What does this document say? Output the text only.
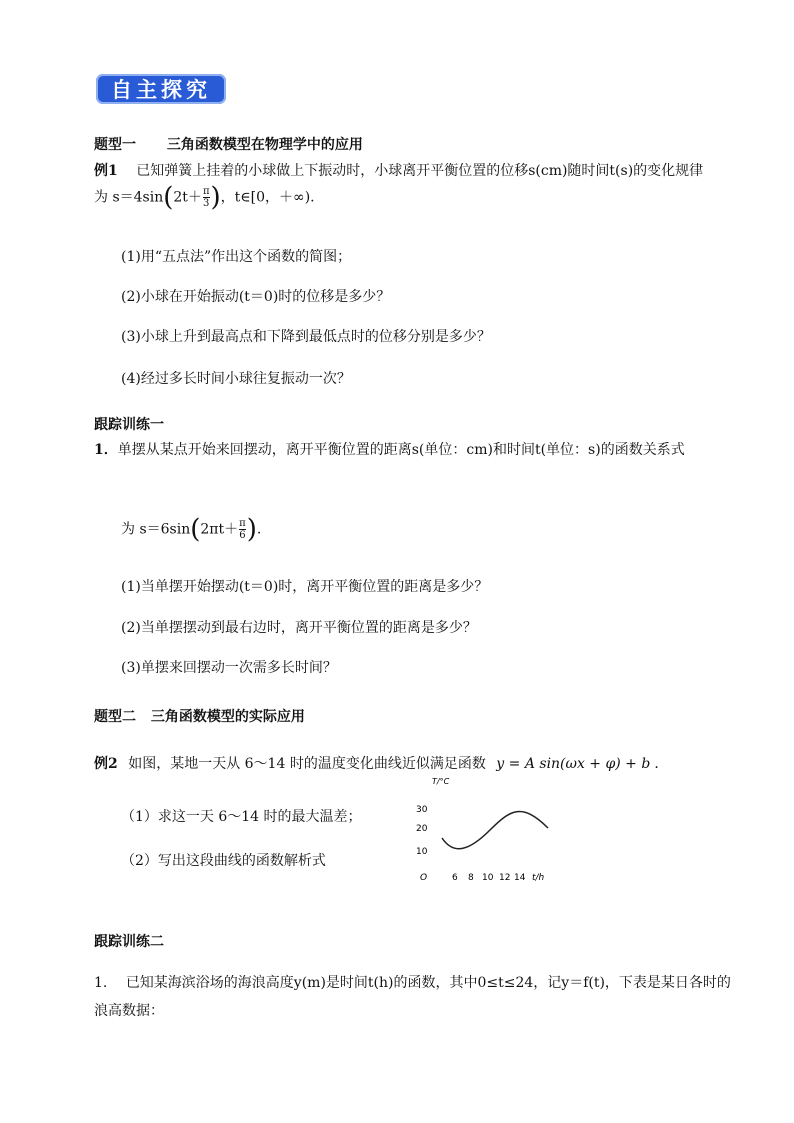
自主探究
题型一 三角函数模型在物理学中的应用
例1 已知弹簧上挂着的小球做上下振动时，小球离开平衡位置的位移s(cm)随时间t(s)的变化规律
为 $s=4\sin(2t+ \frac{\pi}{3}$ )，t∈[0，＋∞).
(1)用“五点法”作出这个函数的简图；
(2)小球在开始振动(t＝0)时的位移是多少？
(3)小球上升到最高点和下降到最低点时的位移分别是多少？
(4)经过多长时间小球往复振动一次？
跟踪训练一
1．单摆从某点开始来回摆动，离开平衡位置的距离s(单位：cm)和时间t(单位：s)的函数关系式
为 $s=6\sin(2\pi t+ \frac{\pi}{6}$ ).
(1)当单摆开始摆动(t＝0)时，离开平衡位置的距离是多少？
(2)当单摆摆动到最右边时，离开平衡位置的距离是多少？
(3)单摆来回摆动一次需多长时间？
题型二 三角函数模型的实际应用
例2 如图，某地一天从 6～14 时的温度变化曲线近似满足函数 y = A sin(ωx + φ) + b ．
（1）求这一天 6～14 时的最大温差；
（2）写出这段曲线的函数解析式
T/°C
30
20
10
O	6 8 10 12 14 t/h
跟踪训练二
1. 已知某海滨浴场的海浪高度y(m)是时间t(h)的函数，其中0≤t≤24，记y＝f(t)，下表是某日各时的
浪高数据：
